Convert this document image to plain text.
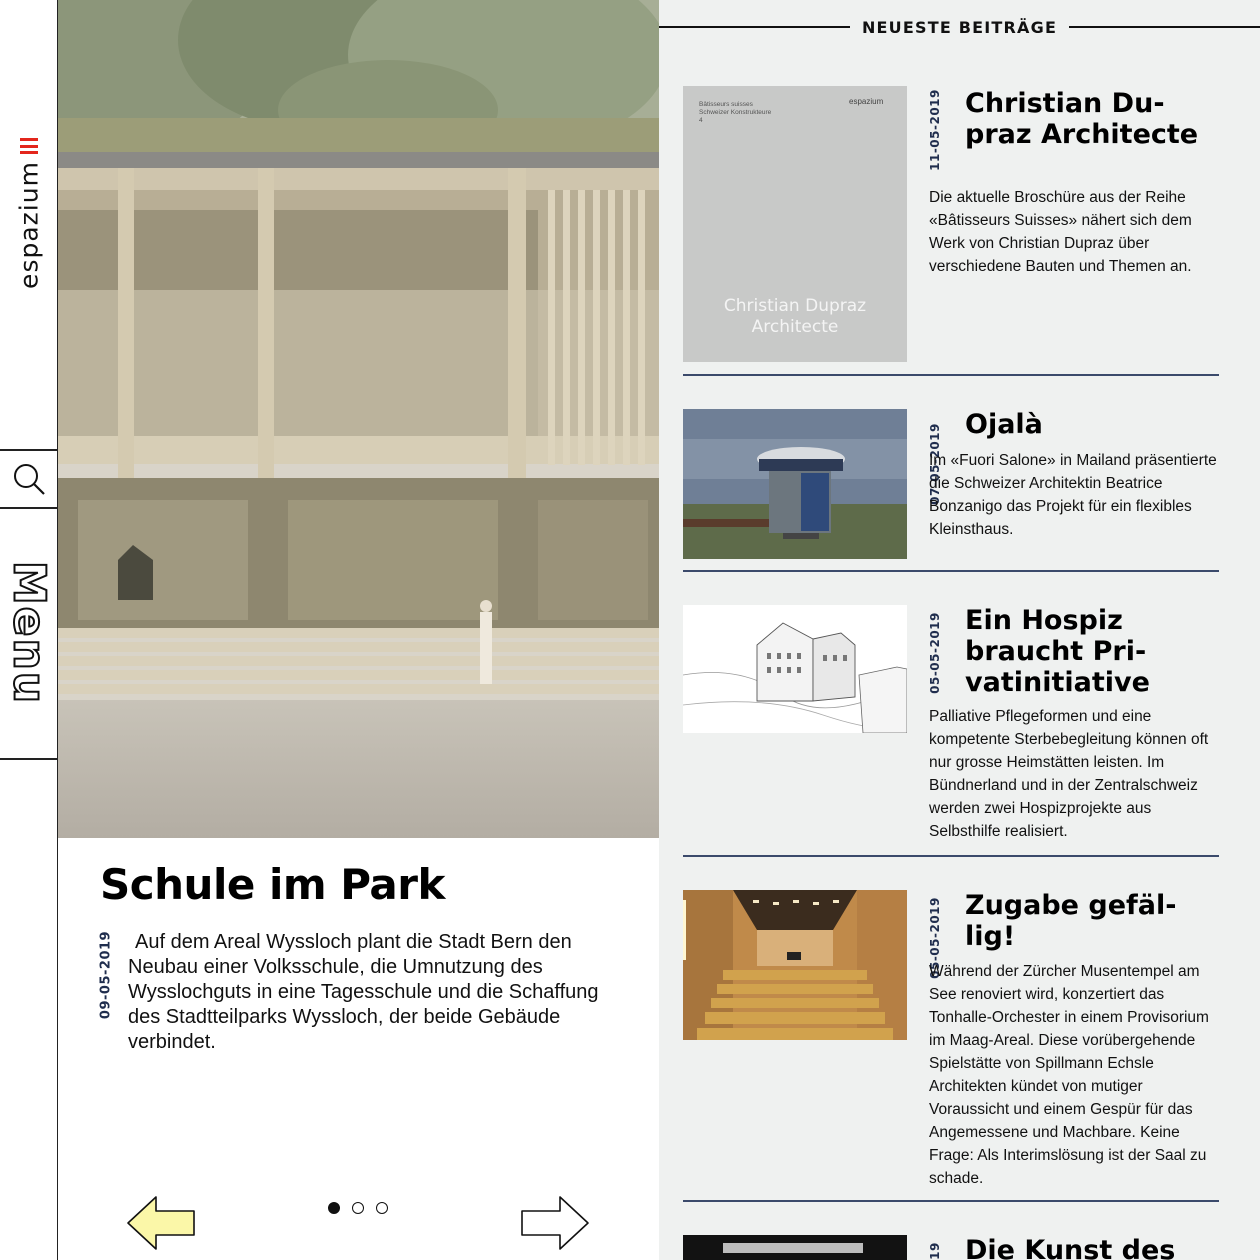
espazium
Menu
Schule im Park
09-05-2019	Auf dem Areal Wyssloch plant die Stadt Bern den Neubau einer Volksschule, die Umnutzung des Wysslochguts in eine Tagesschule und die Schaffung des Stadtteilparks Wyssloch, der beide Gebäude verbindet.
NEUESTE BEITRÄGE
Bâtisseurs suisses
Schweizer Konstrukteure
4
espazium
Christian Dupraz
Architecte
11-05-2019 Christian Dupraz Architecte
Die aktuelle Broschüre aus der Reihe «Bâtisseurs Suisses» nähert sich dem Werk von Christian Dupraz über verschiedene Bauten und Themen an.
07-05-2019 Ojalà
Im «Fuori Salone» in Mailand präsentierte die Schweizer Architektin Beatrice Bonzanigo das Projekt für ein flexibles Kleinsthaus.
05-05-2019 Ein Hospiz braucht Privatinitiative
Palliative Pflegeformen und eine kompetente Sterbebegleitung können oft nur grosse Heimstätten leisten. Im Bündnerland und in der Zentralschweiz werden zwei Hospizprojekte aus Selbsthilfe realisiert.
05-05-2019 Zugabe gefällig!
Während der Zürcher Musentempel am See renoviert wird, konzertiert das Tonhalle-Orchester in einem Provisorium im Maag-Areal. Diese vorübergehende Spielstätte von Spillmann Echsle Architekten kündet von mutiger Voraussicht und einem Gespür für das Angemessene und Machbare. Keine Frage: Als Interimslösung ist der Saal zu schade.
19 Die Kunst des
